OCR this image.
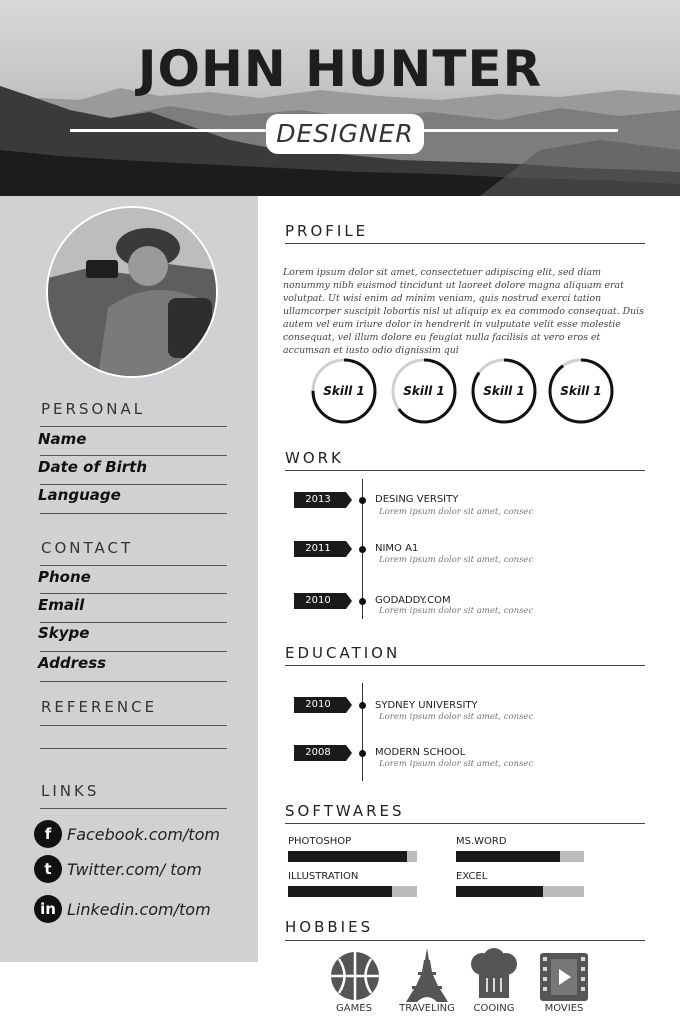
JOHN HUNTER
DESIGNER
PERSONAL
Name
Date of Birth
Language
CONTACT
Phone
Email
Skype
Address
REFERENCE
LINKS
f Facebook.com/tom
t Twitter.com/ tom
in Linkedin.com/tom
PROFILE
Lorem ipsum dolor sit amet, consectetuer adipiscing elit, sed diam nonummy nibh euismod tincidunt ut laoreet dolore magna aliquam erat volutpat. Ut wisi enim ad minim veniam, quis nostrud exerci tation ullamcorper suscipit lobortis nisl ut aliquip ex ea commodo consequat. Duis autem vel eum iriure dolor in hendrerit in vulputate velit esse molestie consequat, vel illum dolore eu feugiat nulla facilisis at vero eros et accumsan et iusto odio dignissim qui
Skill 1	Skill 1	Skill 1	Skill 1
WORK
2013	DESING VERSITY
Lorem ipsum dolor sit amet, consec
2011	NIMO A1
Lorem ipsum dolor sit amet, consec
2010	GODADDY.COM
Lorem ipsum dolor sit amet, consec
EDUCATION
2010	SYDNEY UNIVERSITY
Lorem ipsum dolor sit amet, consec
2008	MODERN SCHOOL
Lorem ipsum dolor sit amet, consec
SOFTWARES
PHOTOSHOP	MS.WORD
ILLUSTRATION	EXCEL
HOBBIES
GAMES	TRAVELING	COOING	MOVIES
